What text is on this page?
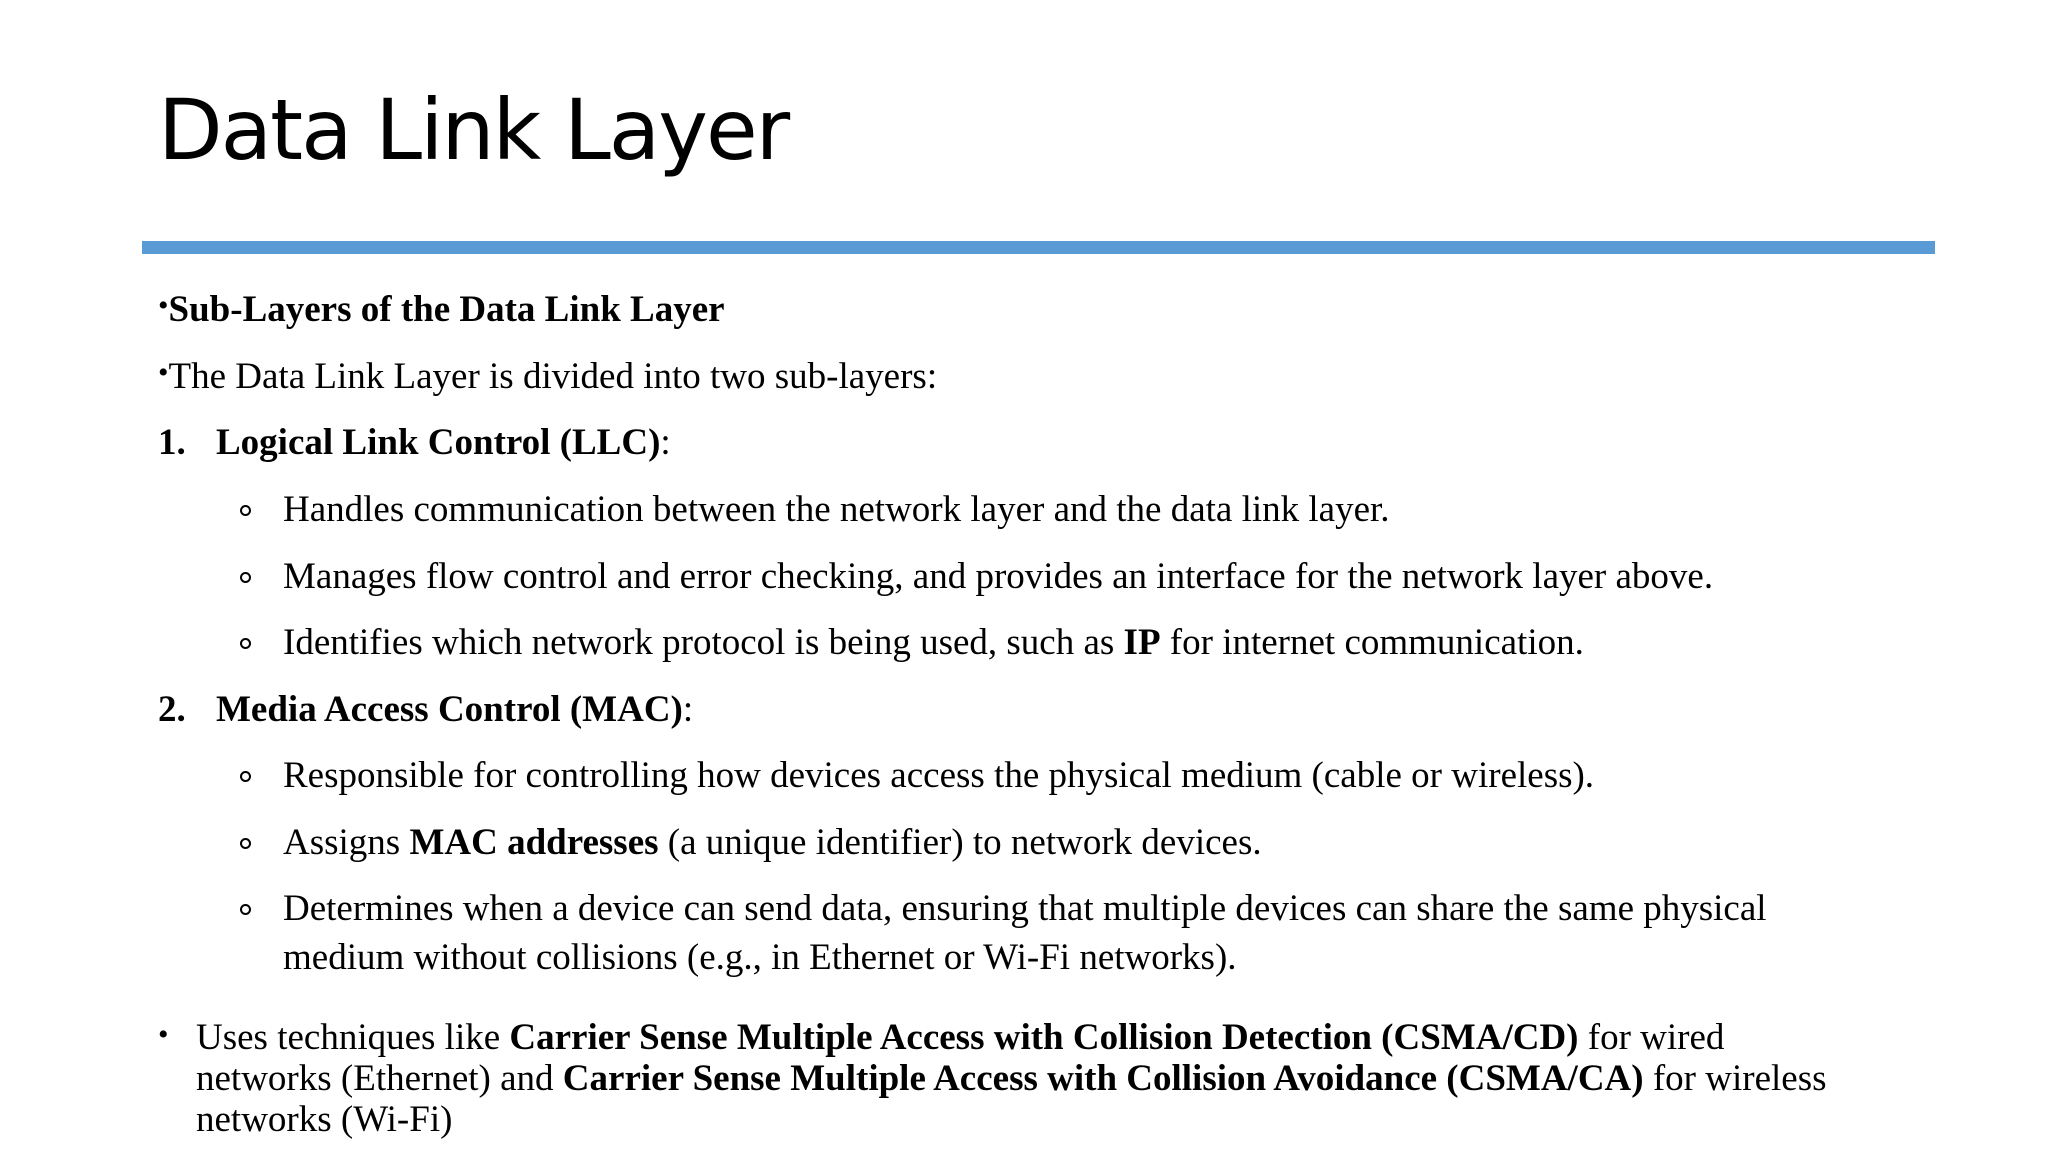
Data Link Layer
•Sub-Layers of the Data Link Layer
•The Data Link Layer is divided into two sub-layers:
1. Logical Link Control (LLC):
Handles communication between the network layer and the data link layer.
Manages flow control and error checking, and provides an interface for the network layer above.
Identifies which network protocol is being used, such as IP for internet communication.
2. Media Access Control (MAC):
Responsible for controlling how devices access the physical medium (cable or wireless).
Assigns MAC addresses (a unique identifier) to network devices.
Determines when a device can send data, ensuring that multiple devices can share the same physical
medium without collisions (e.g., in Ethernet or Wi-Fi networks).
• Uses techniques like Carrier Sense Multiple Access with Collision Detection (CSMA/CD) for wired
networks (Ethernet) and Carrier Sense Multiple Access with Collision Avoidance (CSMA/CA) for wireless
networks (Wi-Fi)
